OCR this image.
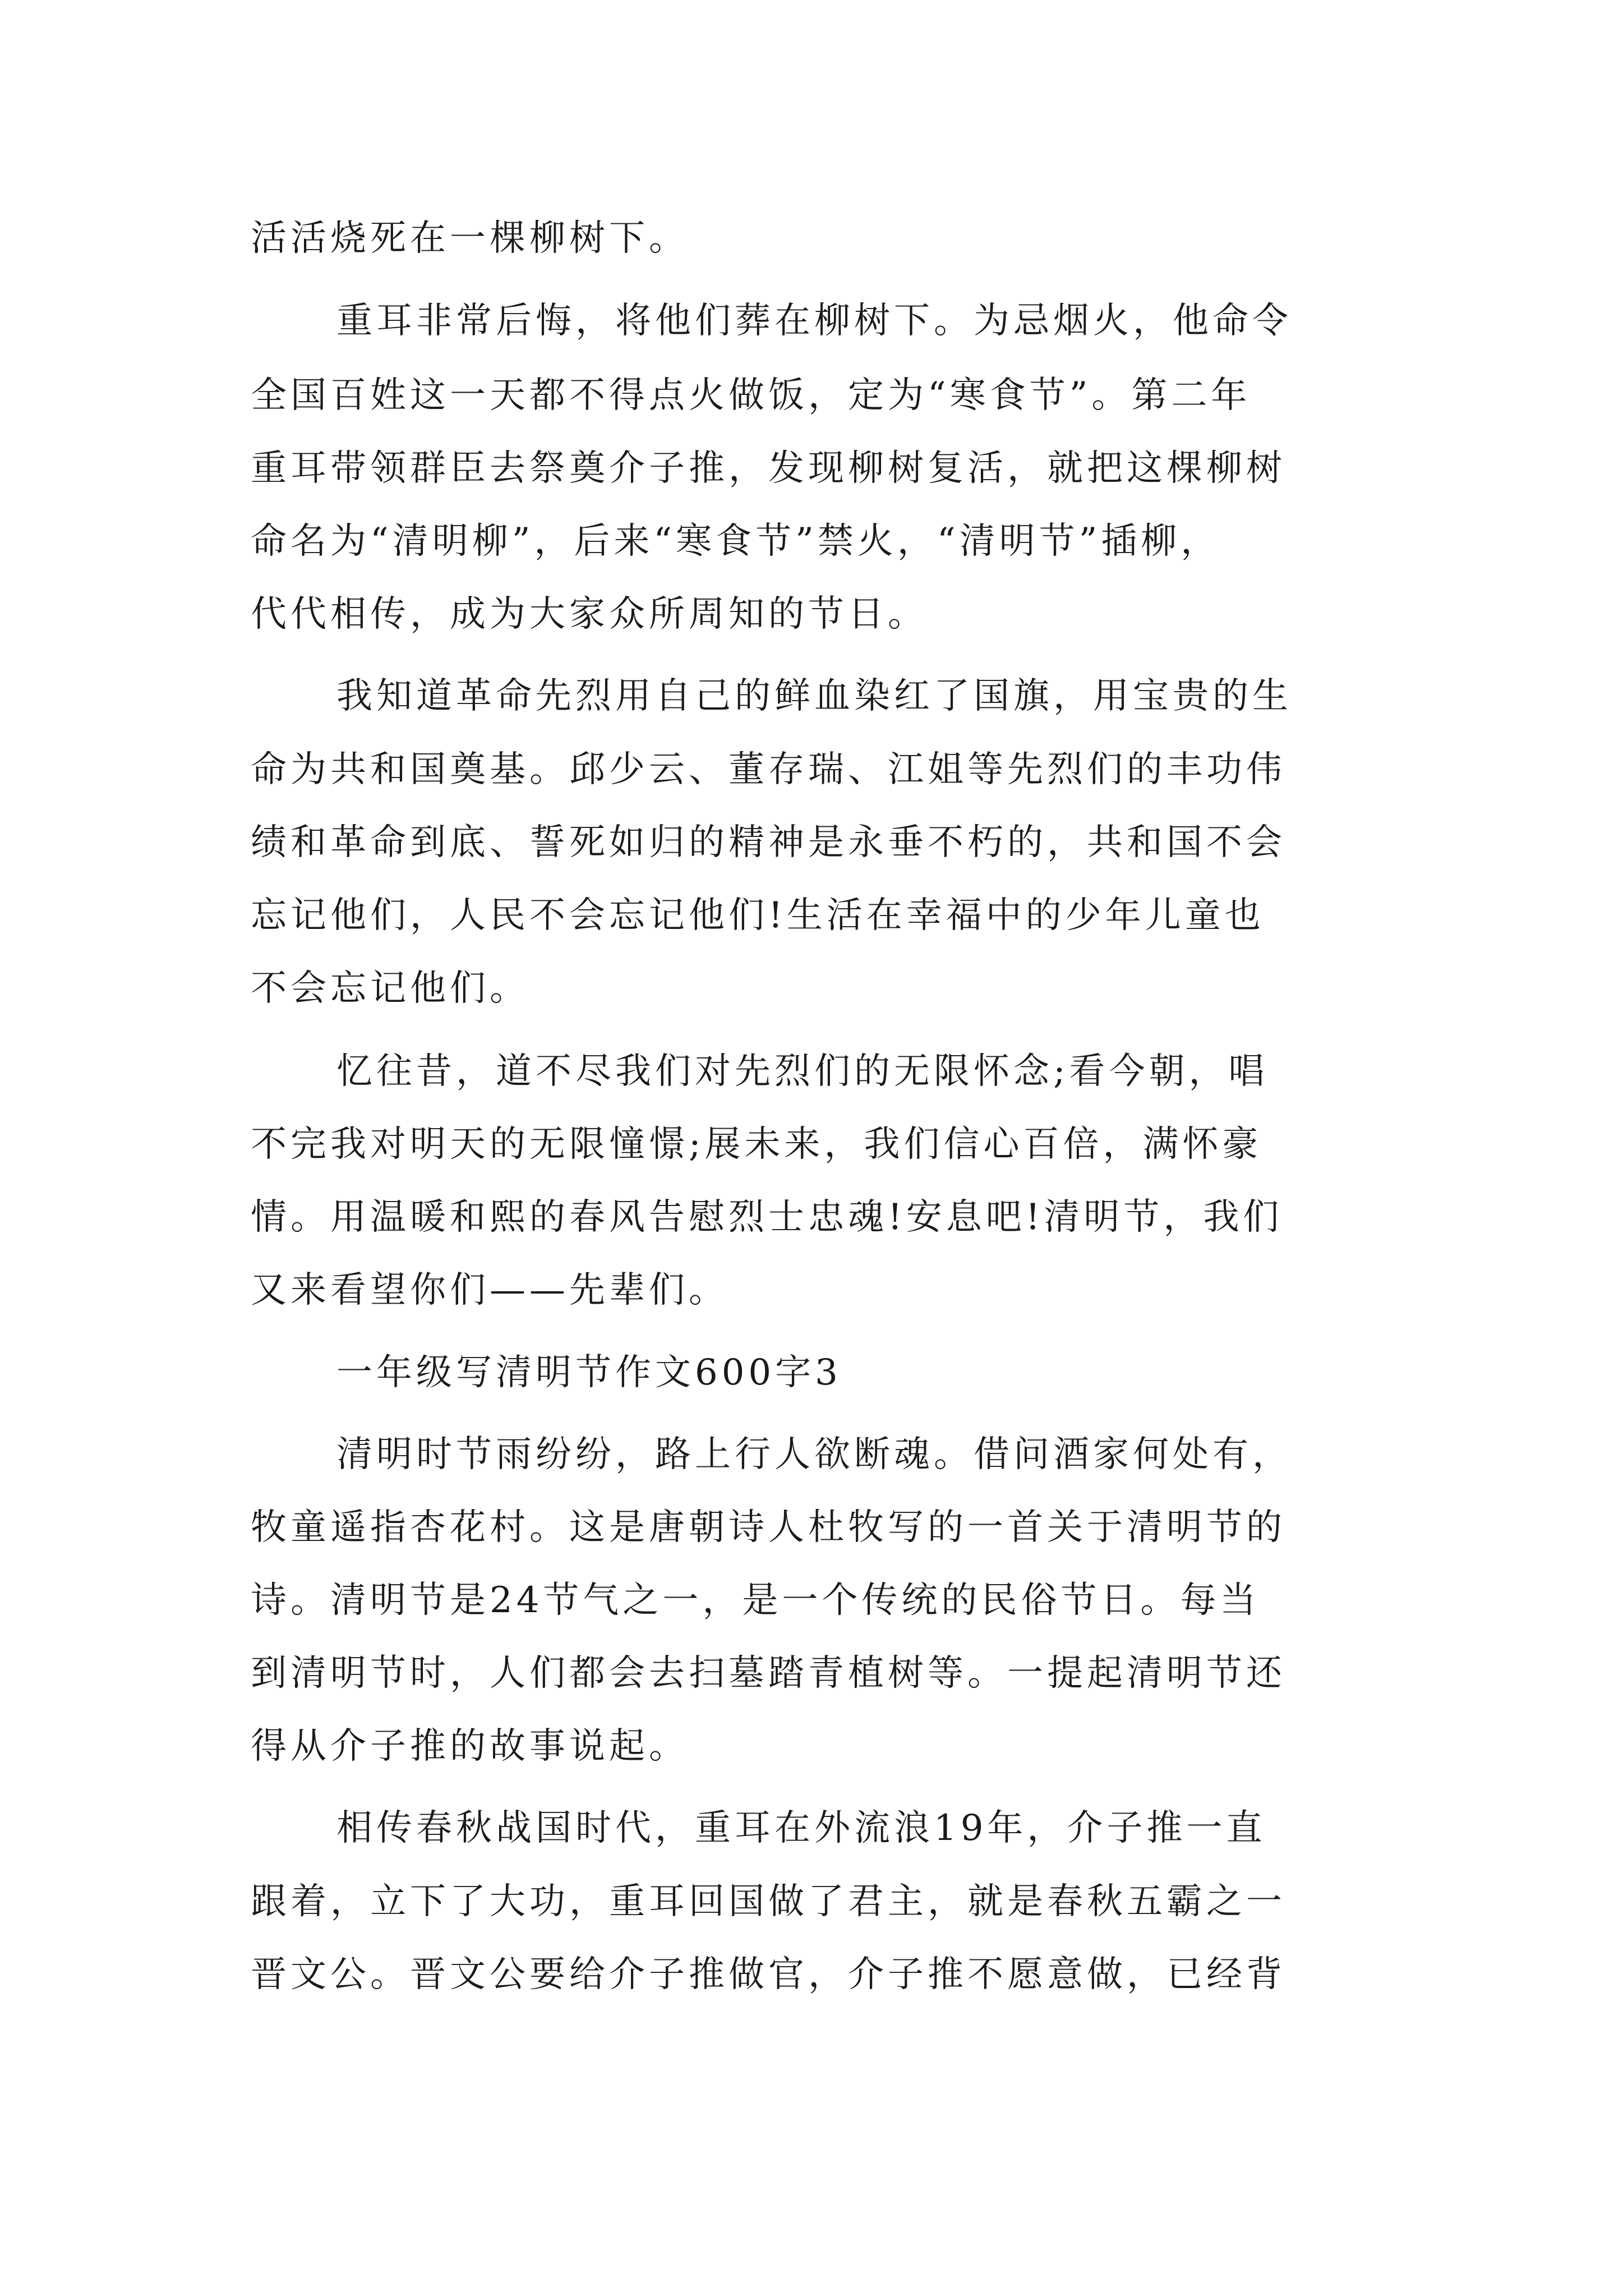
活活烧死在一棵柳树下。
重耳非常后悔，将他们葬在柳树下。为忌烟火，他命令
全国百姓这一天都不得点火做饭，定为“寒食节”。第二年
重耳带领群臣去祭奠介子推，发现柳树复活，就把这棵柳树
命名为“清明柳”，后来“寒食节”禁火，“清明节”插柳，
代代相传，成为大家众所周知的节日。
我知道革命先烈用自己的鲜血染红了国旗，用宝贵的生
命为共和国奠基。邱少云、董存瑞、江姐等先烈们的丰功伟
绩和革命到底、誓死如归的精神是永垂不朽的，共和国不会
忘记他们，人民不会忘记他们!生活在幸福中的少年儿童也
不会忘记他们。
忆往昔，道不尽我们对先烈们的无限怀念;看今朝，唱
不完我对明天的无限憧憬;展未来，我们信心百倍，满怀豪
情。用温暖和熙的春风告慰烈士忠魂!安息吧!清明节，我们
又来看望你们——先辈们。
一年级写清明节作文600字3
清明时节雨纷纷，路上行人欲断魂。借问酒家何处有，
牧童遥指杏花村。这是唐朝诗人杜牧写的一首关于清明节的
诗。清明节是24节气之一，是一个传统的民俗节日。每当
到清明节时，人们都会去扫墓踏青植树等。一提起清明节还
得从介子推的故事说起。
相传春秋战国时代，重耳在外流浪19年，介子推一直
跟着，立下了大功，重耳回国做了君主，就是春秋五霸之一
晋文公。晋文公要给介子推做官，介子推不愿意做，已经背
